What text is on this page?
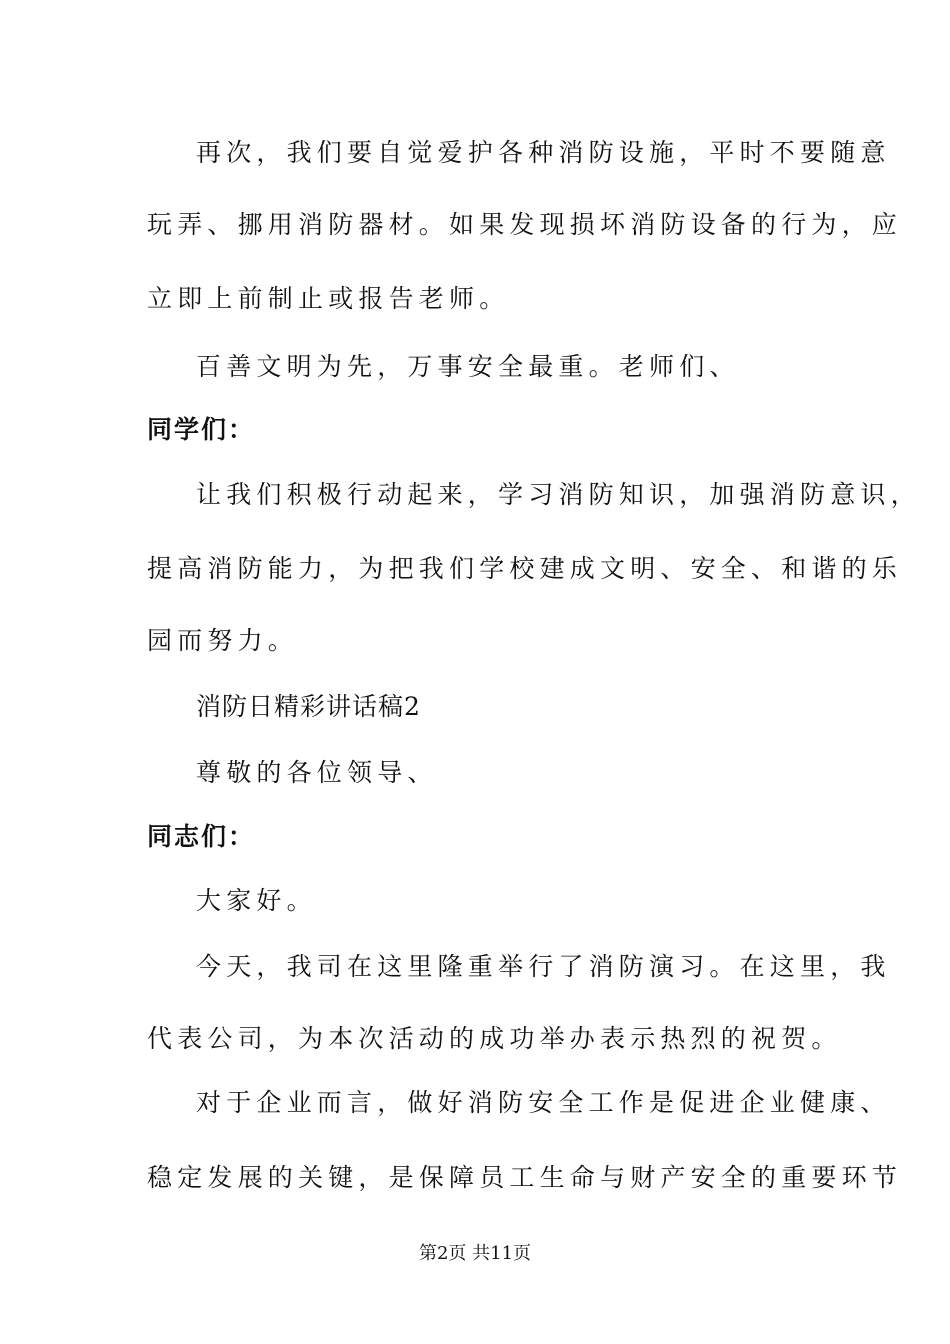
再次，我们要自觉爱护各种消防设施，平时不要随意
玩弄、挪用消防器材。如果发现损坏消防设备的行为，应
立即上前制止或报告老师。
百善文明为先，万事安全最重。老师们、
同学们：
让我们积极行动起来，学习消防知识，加强消防意识，
提高消防能力，为把我们学校建成文明、安全、和谐的乐
园而努力。
消防日精彩讲话稿2
尊敬的各位领导、
同志们：
大家好。
今天，我司在这里隆重举行了消防演习。在这里，我
代表公司，为本次活动的成功举办表示热烈的祝贺。
对于企业而言，做好消防安全工作是促进企业健康、
稳定发展的关键，是保障员工生命与财产安全的重要环节
第2页 共11页
